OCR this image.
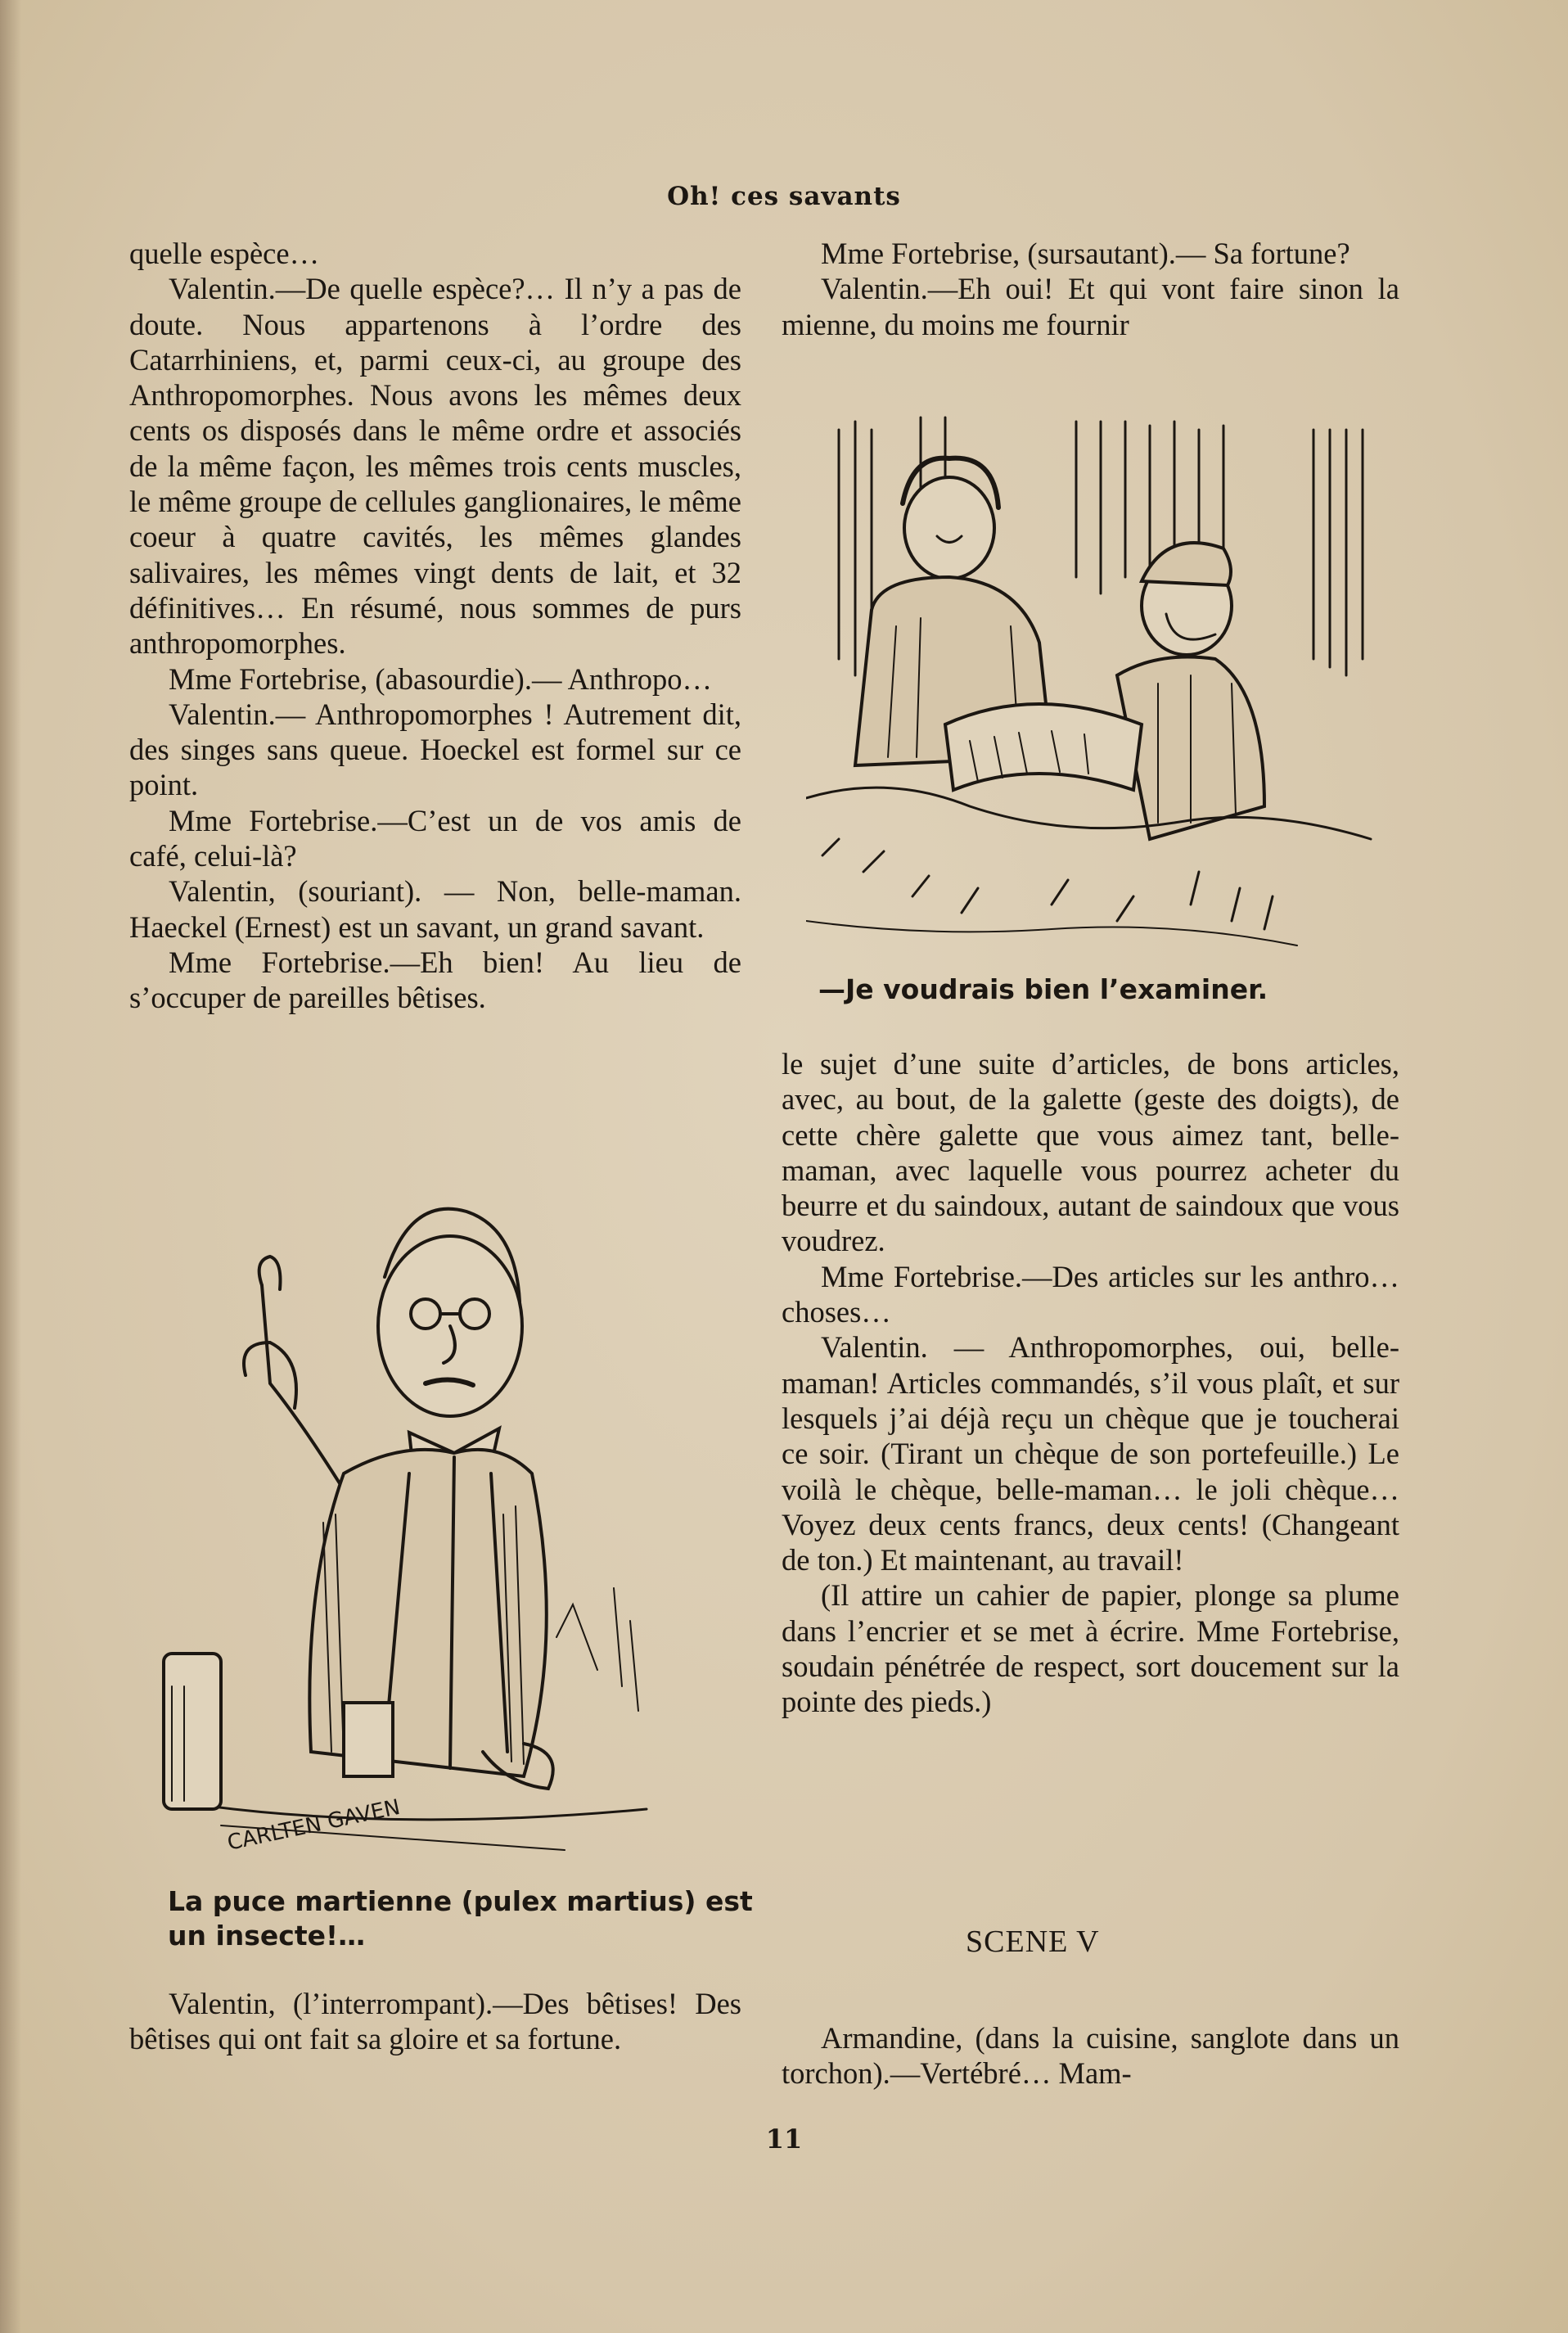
Oh! ces savants

quelle espèce…

Valentin.—De quelle espèce?… Il n’y a pas de doute. Nous appartenons à l’ordre des Catarrhiniens, et, parmi ceux-ci, au groupe des Anthropomorphes. Nous avons les mêmes deux cents os disposés dans le même ordre et associés de la même façon, les mêmes trois cents muscles, le même groupe de cellules ganglionaires, le même coeur à quatre cavités, les mêmes glandes salivaires, les mêmes vingt dents de lait, et 32 définitives… En résumé, nous sommes de purs anthropomorphes.

Mme Fortebrise, (abasourdie).— Anthropo…

Valentin.— Anthropomorphes ! Autrement dit, des singes sans queue. Hoeckel est formel sur ce point.

Mme Fortebrise.—C’est un de vos amis de café, celui-là?

Valentin, (souriant). — Non, belle-maman. Haeckel (Ernest) est un savant, un grand savant.

Mme Fortebrise.—Eh bien! Au lieu de s’occuper de pareilles bêtises.

CARLTEN GAVEN
La puce martienne (pulex martius) est un insecte!…

Valentin, (l’interrompant).—Des bêtises! Des bêtises qui ont fait sa gloire et sa fortune.

Mme Fortebrise, (sursautant).— Sa fortune?

Valentin.—Eh oui! Et qui vont faire sinon la mienne, du moins me fournir

—Je voudrais bien l’examiner.

le sujet d’une suite d’articles, de bons articles, avec, au bout, de la galette (geste des doigts), de cette chère galette que vous aimez tant, belle-maman, avec laquelle vous pourrez acheter du beurre et du saindoux, autant de saindoux que vous voudrez.

Mme Fortebrise.—Des articles sur les anthro… choses…

Valentin. — Anthropomorphes, oui, belle-maman! Articles commandés, s’il vous plaît, et sur lesquels j’ai déjà reçu un chèque que je toucherai ce soir. (Tirant un chèque de son portefeuille.) Le voilà le chèque, belle-maman… le joli chèque… Voyez deux cents francs, deux cents! (Changeant de ton.) Et maintenant, au travail!

(Il attire un cahier de papier, plonge sa plume dans l’encrier et se met à écrire. Mme Fortebrise, soudain pénétrée de respect, sort doucement sur la pointe des pieds.)

SCENE V

Armandine, (dans la cuisine, sanglote dans un torchon).—Vertébré… Mam-

11
